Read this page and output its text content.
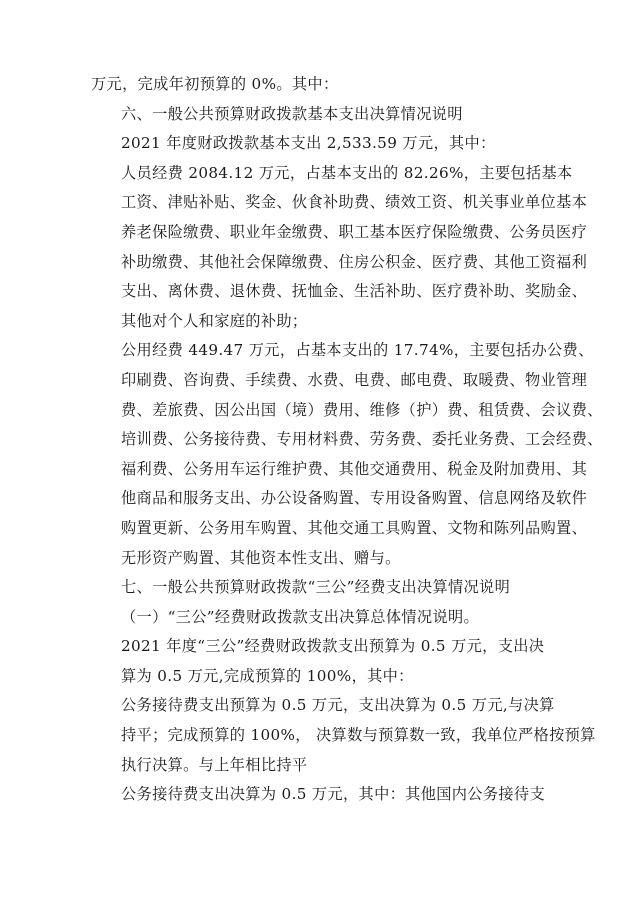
万元，完成年初预算的 0%。其中：

六、一般公共预算财政拨款基本支出决算情况说明

2021 年度财政拨款基本支出 2,533.59 万元，其中：

人员经费 2084.12 万元，占基本支出的 82.26%，主要包括基本
工资、津贴补贴、奖金、伙食补助费、绩效工资、机关事业单位基本
养老保险缴费、职业年金缴费、职工基本医疗保险缴费、公务员医疗
补助缴费、其他社会保障缴费、住房公积金、医疗费、其他工资福利
支出、离休费、退休费、抚恤金、生活补助、医疗费补助、奖励金、
其他对个人和家庭的补助；

公用经费 449.47 万元，占基本支出的 17.74%，主要包括办公费、
印刷费、咨询费、手续费、水费、电费、邮电费、取暖费、物业管理
费、差旅费、因公出国（境）费用、维修（护）费、租赁费、会议费、
培训费、公务接待费、专用材料费、劳务费、委托业务费、工会经费、
福利费、公务用车运行维护费、其他交通费用、税金及附加费用、其
他商品和服务支出、办公设备购置、专用设备购置、信息网络及软件
购置更新、公务用车购置、其他交通工具购置、文物和陈列品购置、
无形资产购置、其他资本性支出、赠与。

七、一般公共预算财政拨款“三公”经费支出决算情况说明

（一）“三公”经费财政拨款支出决算总体情况说明。

2021 年度“三公”经费财政拨款支出预算为 0.5 万元，支出决
算为 0.5 万元,完成预算的 100%，其中：

公务接待费支出预算为 0.5 万元，支出决算为 0.5 万元,与决算
持平；完成预算的 100%， 决算数与预算数一致，我单位严格按预算
执行决算。与上年相比持平

公务接待费支出决算为 0.5 万元，其中：其他国内公务接待支
